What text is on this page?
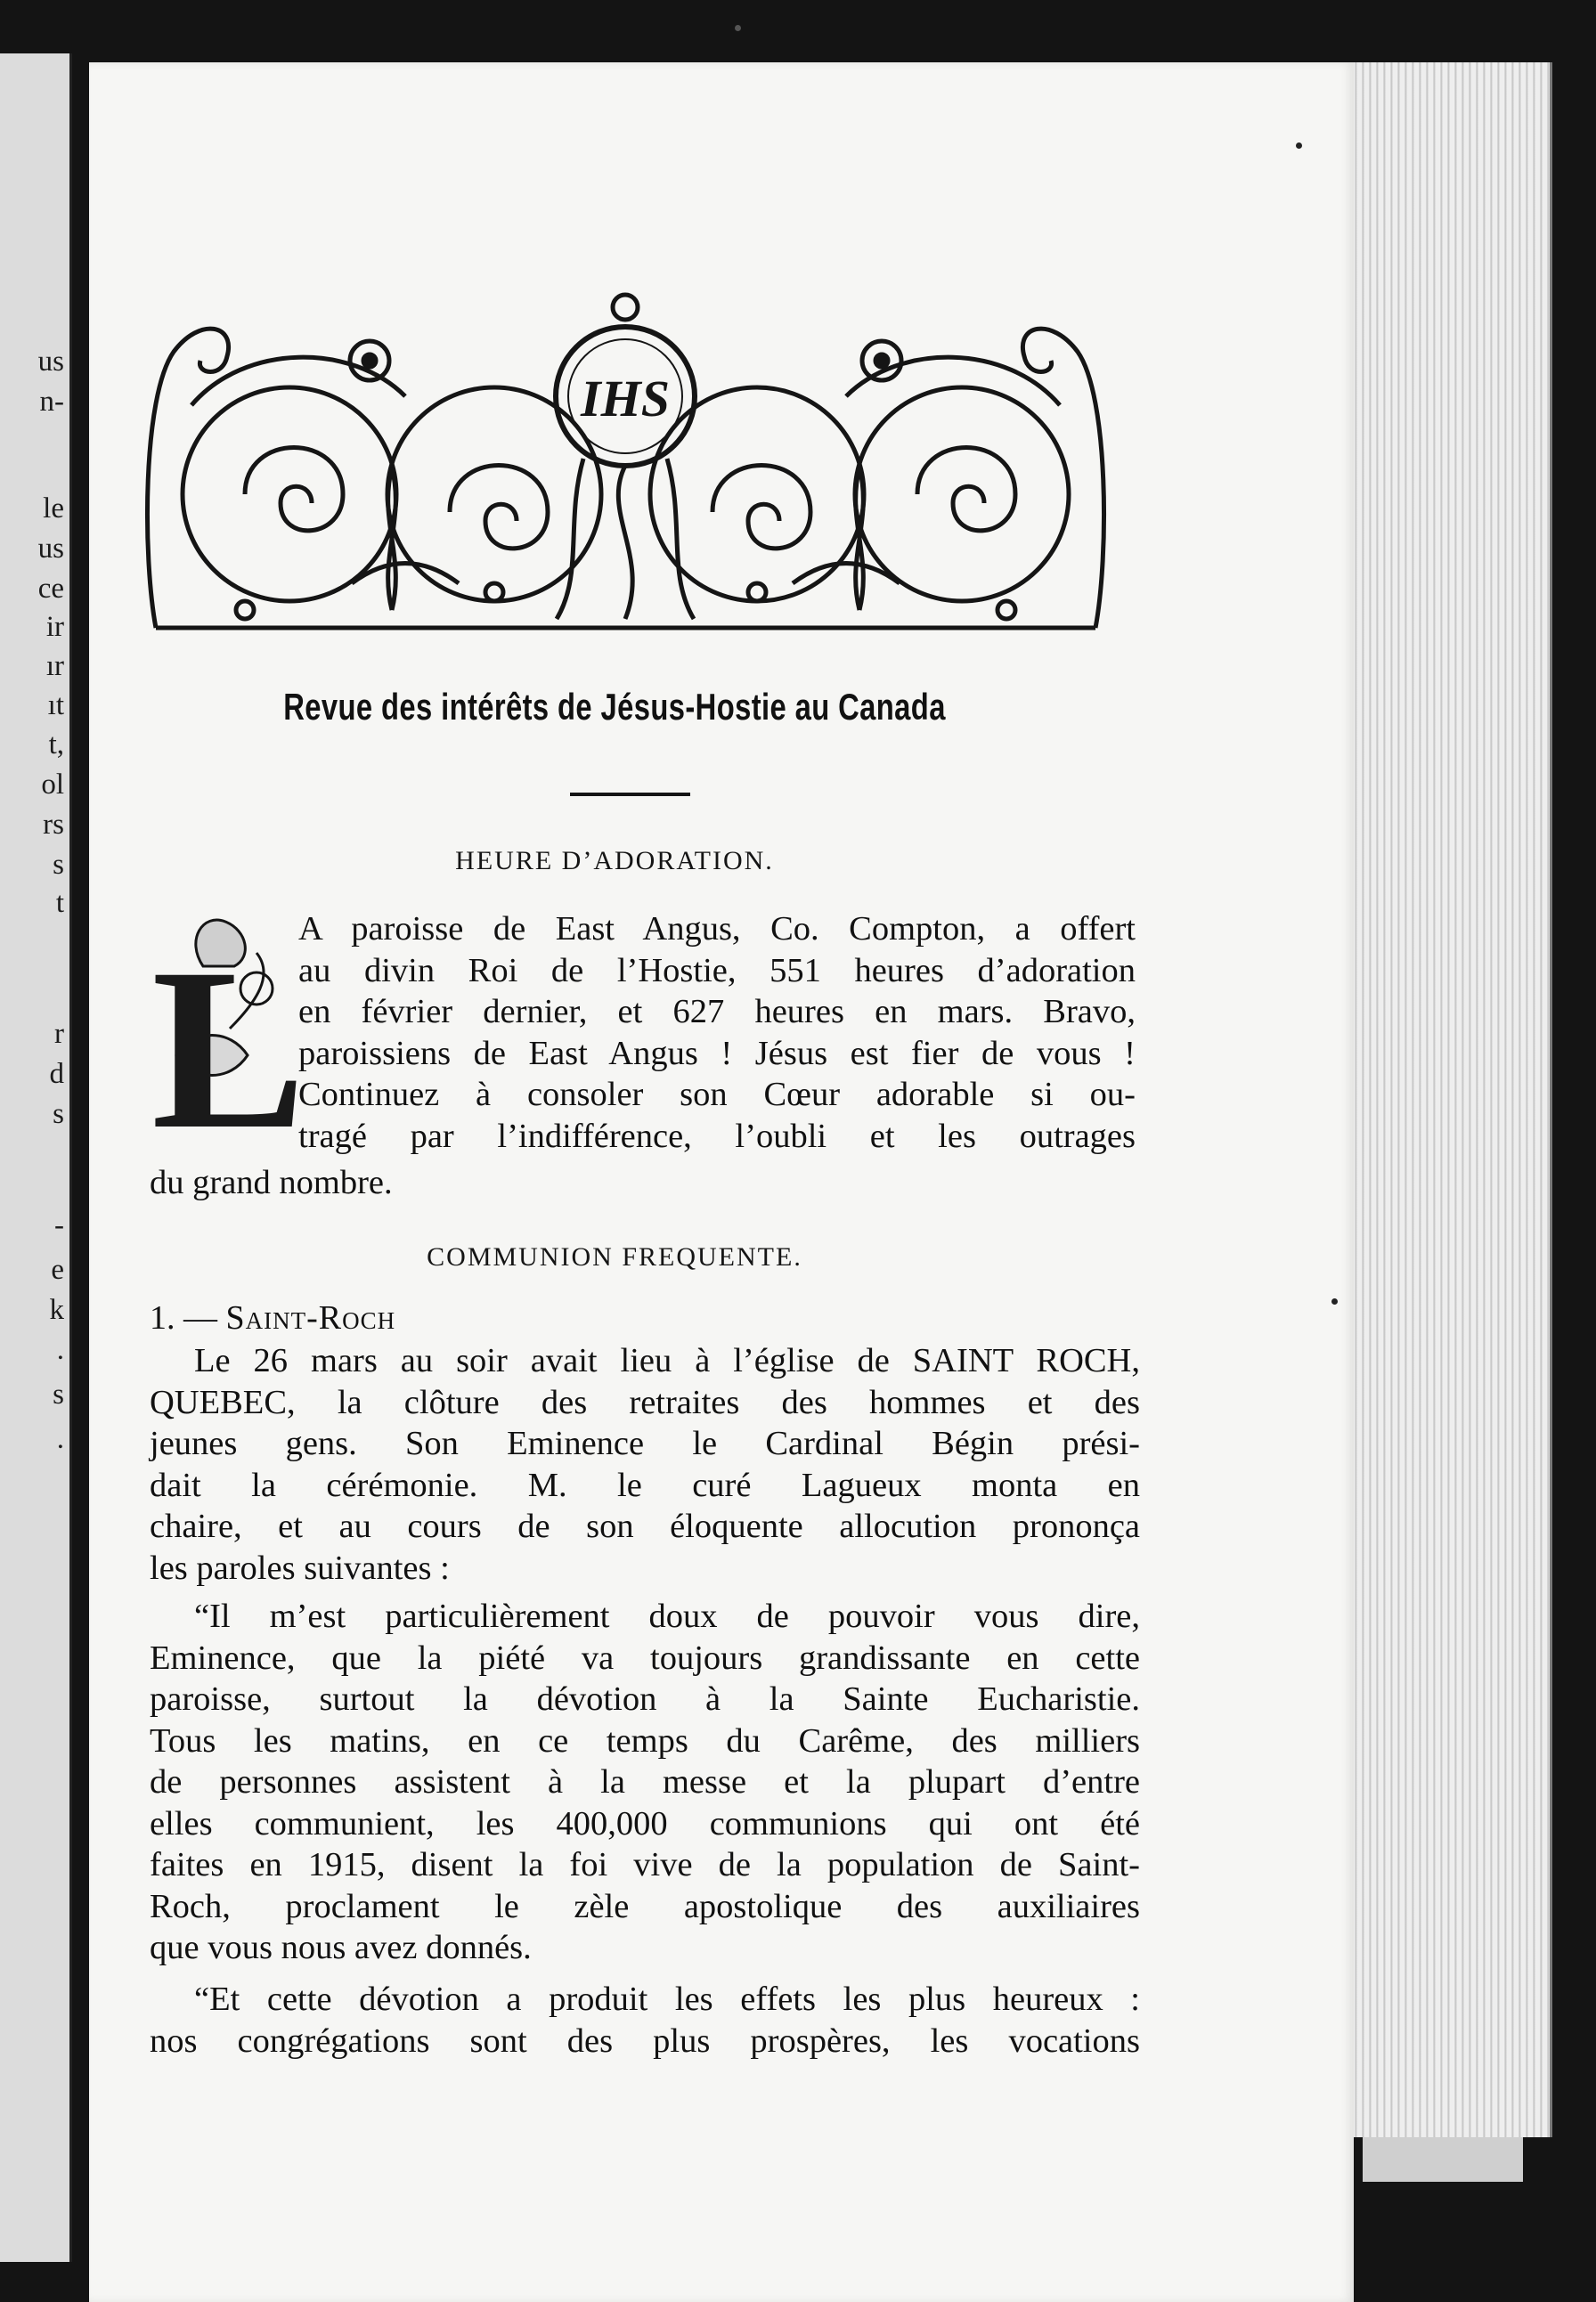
us
n-
le
us
ce
ir
ır
ıt
t,
ol
rs
s
t
r
d
s
-
e
k
.
s
.
IHS
Revue des intérêts de Jésus-Hostie au Canada
HEURE D’ADORATION.
L
A paroisse de East Angus, Co. Compton, a offert
au divin Roi de l’Hostie, 551 heures d’adoration
en février dernier, et 627 heures en mars. Bravo,
paroissiens de East Angus ! Jésus est fier de vous !
Continuez à consoler son Cœur adorable si ou-
tragé par l’indifférence, l’oubli et les outrages
du grand nombre.
COMMUNION FREQUENTE.
1. — Saint-Roch
Le 26 mars au soir avait lieu à l’église de SAINT ROCH,
QUEBEC, la clôture des retraites des hommes et des
jeunes gens. Son Eminence le Cardinal Bégin prési-
dait la cérémonie. M. le curé Lagueux monta en
chaire, et au cours de son éloquente allocution prononça
les paroles suivantes :
“Il m’est particulièrement doux de pouvoir vous dire,
Eminence, que la piété va toujours grandissante en cette
paroisse, surtout la dévotion à la Sainte Eucharistie.
Tous les matins, en ce temps du Carême, des milliers
de personnes assistent à la messe et la plupart d’entre
elles communient, les 400,000 communions qui ont été
faites en 1915, disent la foi vive de la population de Saint-
Roch, proclament le zèle apostolique des auxiliaires
que vous nous avez donnés.
“Et cette dévotion a produit les effets les plus heureux :
nos congrégations sont des plus prospères, les vocations
